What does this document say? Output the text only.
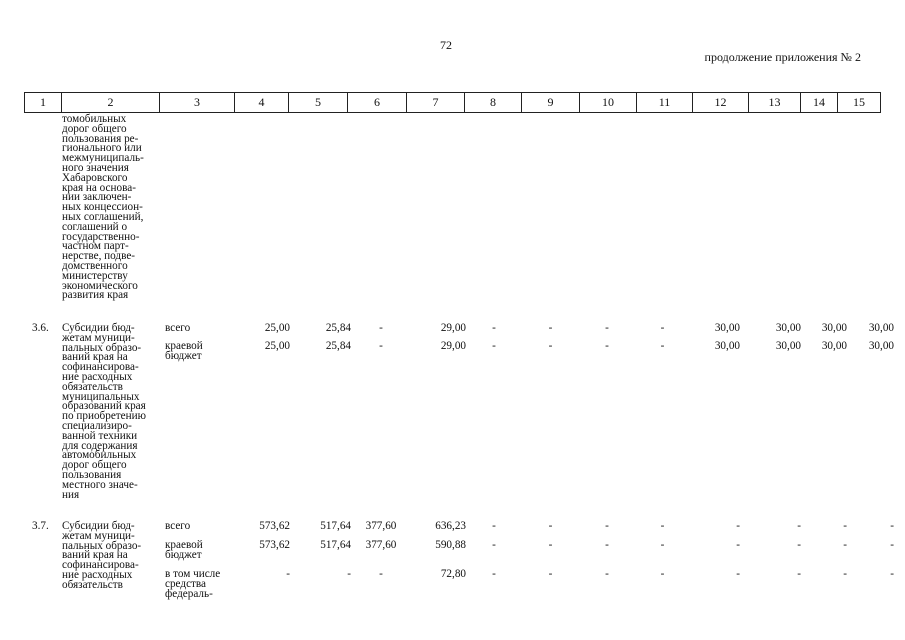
72
продолжение приложения № 2
1	2	3	4	5	6	7	8	9	10	11	12	13	14	15
томобильных
дорог общего
пользования ре-
гионального или
межмуниципаль-
ного значения
Хабаровского
края на основа-
нии заключен-
ных концессион-
ных соглашений,
соглашений о
государственно-
частном парт-
нерстве, подве-
домственного
министерству
экономического
развития края
3.6. Субсидии бюд-
жетам муници-
пальных образо-
ваний края на
софинансирова-
ние расходных
обязательств
муниципальных
образований края
по приобретению
специализиро-
ванной техники
для содержания
автомобильных
дорог общего
пользования
местного значе-
ния
всего	25,00	25,84	-	29,00	-	-	-	-	30,00	30,00	30,00	30,00
краевой
бюджет
25,00	25,84	-	29,00	-	-	-	-	30,00	30,00	30,00	30,00
3.7. Субсидии бюд-
жетам муници-
пальных образо-
ваний края на
софинансирова-
ние расходных
обязательств
всего	573,62	517,64	377,60	636,23	-	-	-	-	-	-	-	-
краевой
бюджет
573,62	517,64	377,60	590,88	-	-	-	-	-	-	-	-
в том числе
средства
федераль-
-	-	-	72,80	-	-	-	-	-	-	-	-
